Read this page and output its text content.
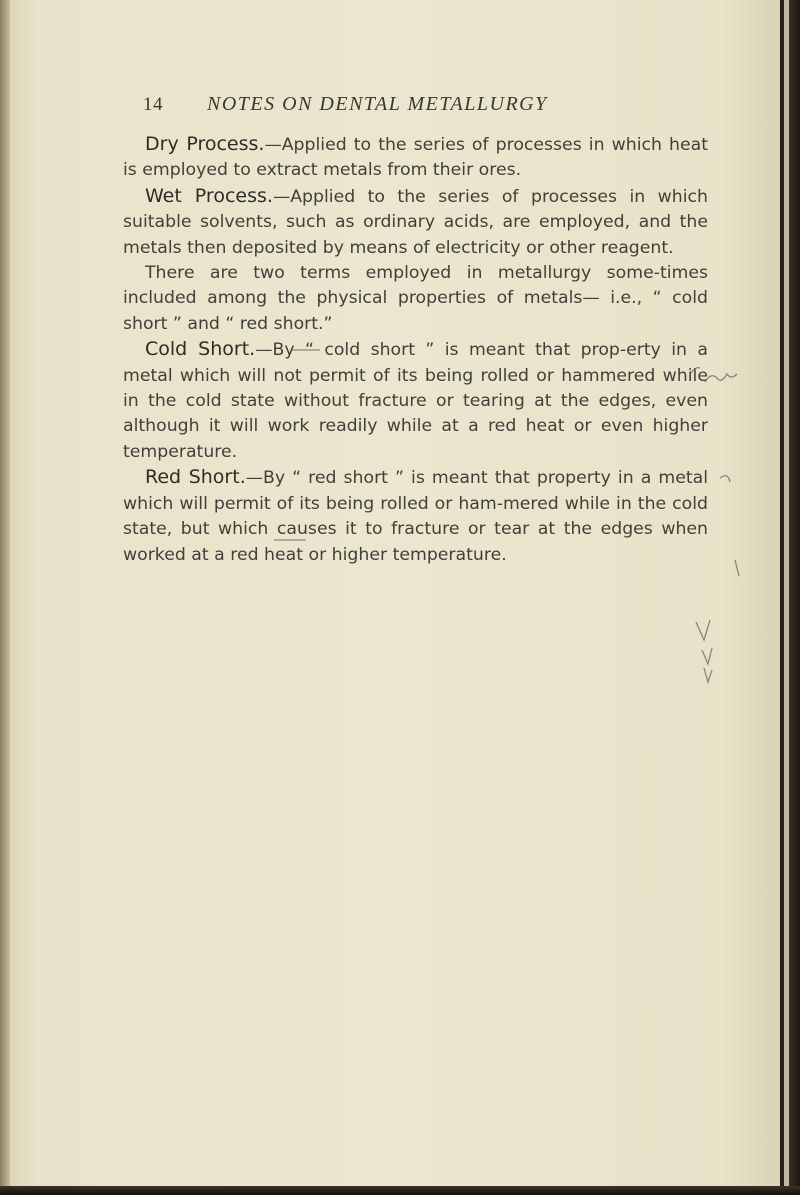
14 NOTES ON DENTAL METALLURGY

Dry Process.—Applied to the series of processes in which heat is employed to extract metals from their ores.

Wet Process.—Applied to the series of processes in which suitable solvents, such as ordinary acids, are employed, and the metals then deposited by means of electricity or other reagent.

There are two terms employed in metallurgy some-times included among the physical properties of metals— i.e., “ cold short ” and “ red short.”

Cold Short.—By “ cold short ” is meant that prop-erty in a metal which will not permit of its being rolled or hammered while in the cold state without fracture or tearing at the edges, even although it will work readily while at a red heat or even higher temperature.

Red Short.—By “ red short ” is meant that property in a metal which will permit of its being rolled or ham-mered while in the cold state, but which causes it to fracture or tear at the edges when worked at a red heat or higher temperature.
